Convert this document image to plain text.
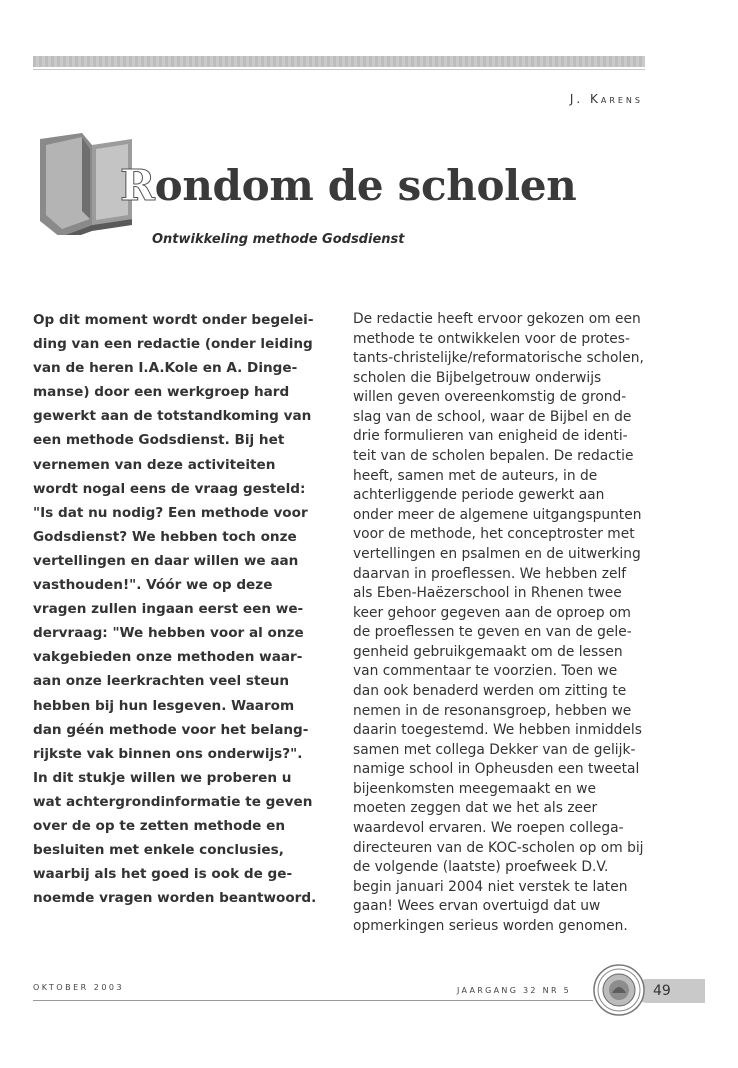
J. Karens
Rondom de scholen
Ontwikkeling methode Godsdienst
Op dit moment wordt onder begelei-
ding van een redactie (onder leiding
van de heren I.A.Kole en A. Dinge-
manse) door een werkgroep hard
gewerkt aan de totstandkoming van
een methode Godsdienst. Bij het
vernemen van deze activiteiten
wordt nogal eens de vraag gesteld:
"Is dat nu nodig? Een methode voor
Godsdienst? We hebben toch onze
vertellingen en daar willen we aan
vasthouden!". Vóór we op deze
vragen zullen ingaan eerst een we-
dervraag: "We hebben voor al onze
vakgebieden onze methoden waar-
aan onze leerkrachten veel steun
hebben bij hun lesgeven. Waarom
dan géén methode voor het belang-
rijkste vak binnen ons onderwijs?".
In dit stukje willen we proberen u
wat achtergrondinformatie te geven
over de op te zetten methode en
besluiten met enkele conclusies,
waarbij als het goed is ook de ge-
noemde vragen worden beantwoord.
De redactie heeft ervoor gekozen om een
methode te ontwikkelen voor de protes-
tants-christelijke/reformatorische scholen,
scholen die Bijbelgetrouw onderwijs
willen geven overeenkomstig de grond-
slag van de school, waar de Bijbel en de
drie formulieren van enigheid de identi-
teit van de scholen bepalen. De redactie
heeft, samen met de auteurs, in de
achterliggende periode gewerkt aan
onder meer de algemene uitgangspunten
voor de methode, het conceptroster met
vertellingen en psalmen en de uitwerking
daarvan in proeflessen. We hebben zelf
als Eben-Haëzerschool in Rhenen twee
keer gehoor gegeven aan de oproep om
de proeflessen te geven en van de gele-
genheid gebruikgemaakt om de lessen
van commentaar te voorzien. Toen we
dan ook benaderd werden om zitting te
nemen in de resonansgroep, hebben we
daarin toegestemd. We hebben inmiddels
samen met collega Dekker van de gelijk-
namige school in Opheusden een tweetal
bijeenkomsten meegemaakt en we
moeten zeggen dat we het als zeer
waardevol ervaren. We roepen collega-
directeuren van de KOC-scholen op om bij
de volgende (laatste) proefweek D.V.
begin januari 2004 niet verstek te laten
gaan! Wees ervan overtuigd dat uw
opmerkingen serieus worden genomen.
OKTOBER 2003	JAARGANG 32 NR 5	49
